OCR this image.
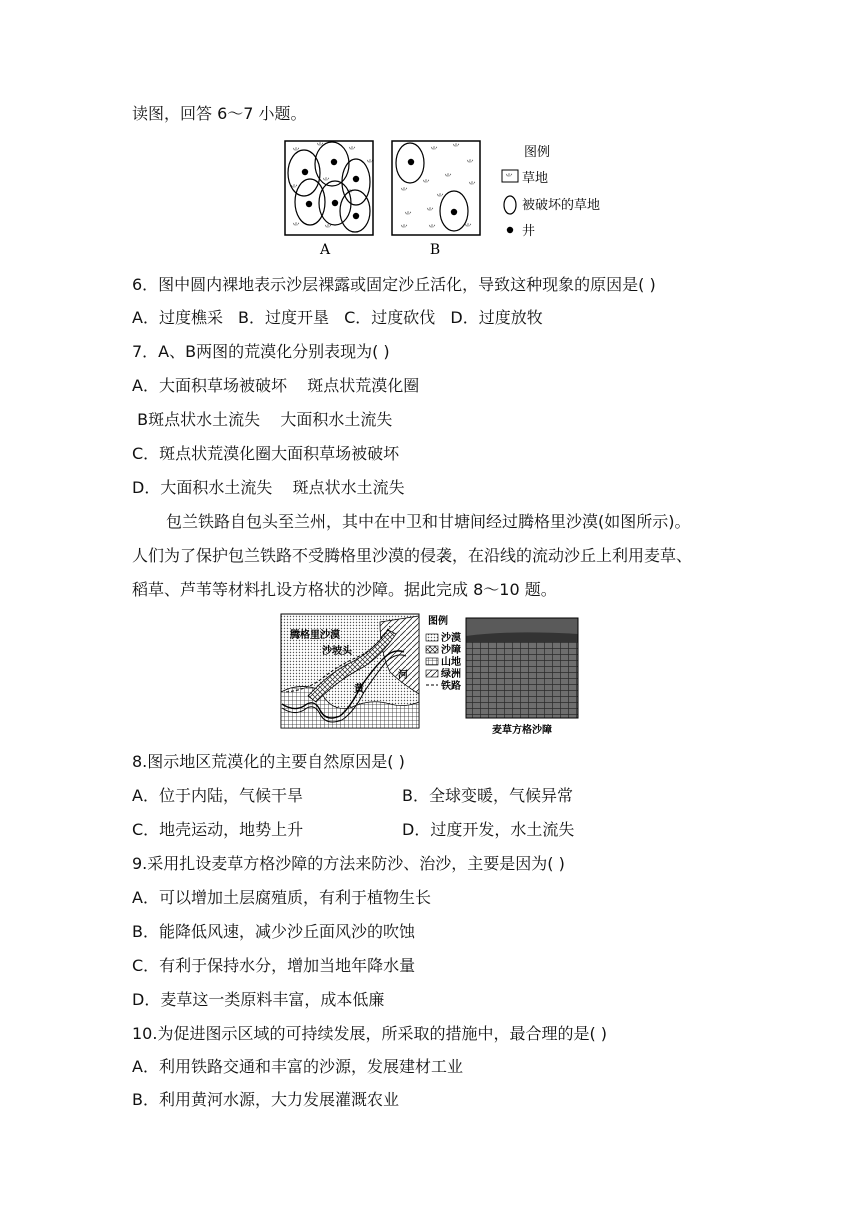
读图，回答 6～7 小题。
⺌
⺌	⺌
⺌
⺌
⺌
⺌	⺌
⺌
⺌ ⺌
⺌
⺌
⺌
⺌
⺌
⺌ ⺌
⺌	⺌	⺌
⺌
A	B
图例
⺌ 草地
被破坏的草地
井
6．图中圆内裸地表示沙层裸露或固定沙丘活化，导致这种现象的原因是( )
A．过度樵采 B．过度开垦 C．过度砍伐 D．过度放牧
7．A、B两图的荒漠化分别表现为( )
A．大面积草场被破坏    斑点状荒漠化圈
B斑点状水土流失    大面积水土流失
C．斑点状荒漠化圈大面积草场被破坏
D．大面积水土流失    斑点状水土流失
包兰铁路自包头至兰州，其中在中卫和甘塘间经过腾格里沙漠(如图所示)。
人们为了保护包兰铁路不受腾格里沙漠的侵袭，在沿线的流动沙丘上利用麦草、
稻草、芦苇等材料扎设方格状的沙障。据此完成 8～10 题。
腾格里沙漠
沙坡头
黄
河
图例
沙漠
沙障
山地
绿洲
铁路
麦草方格沙障
8.图示地区荒漠化的主要自然原因是( )
A．位于内陆，气候干旱	B．全球变暖，气候异常
C．地壳运动，地势上升	D．过度开发，水土流失
9.采用扎设麦草方格沙障的方法来防沙、治沙，主要是因为( )
A．可以增加土层腐殖质，有利于植物生长
B．能降低风速，减少沙丘面风沙的吹蚀
C．有利于保持水分，增加当地年降水量
D．麦草这一类原料丰富，成本低廉
10.为促进图示区域的可持续发展，所采取的措施中，最合理的是( )
A．利用铁路交通和丰富的沙源，发展建材工业
B．利用黄河水源，大力发展灌溉农业
